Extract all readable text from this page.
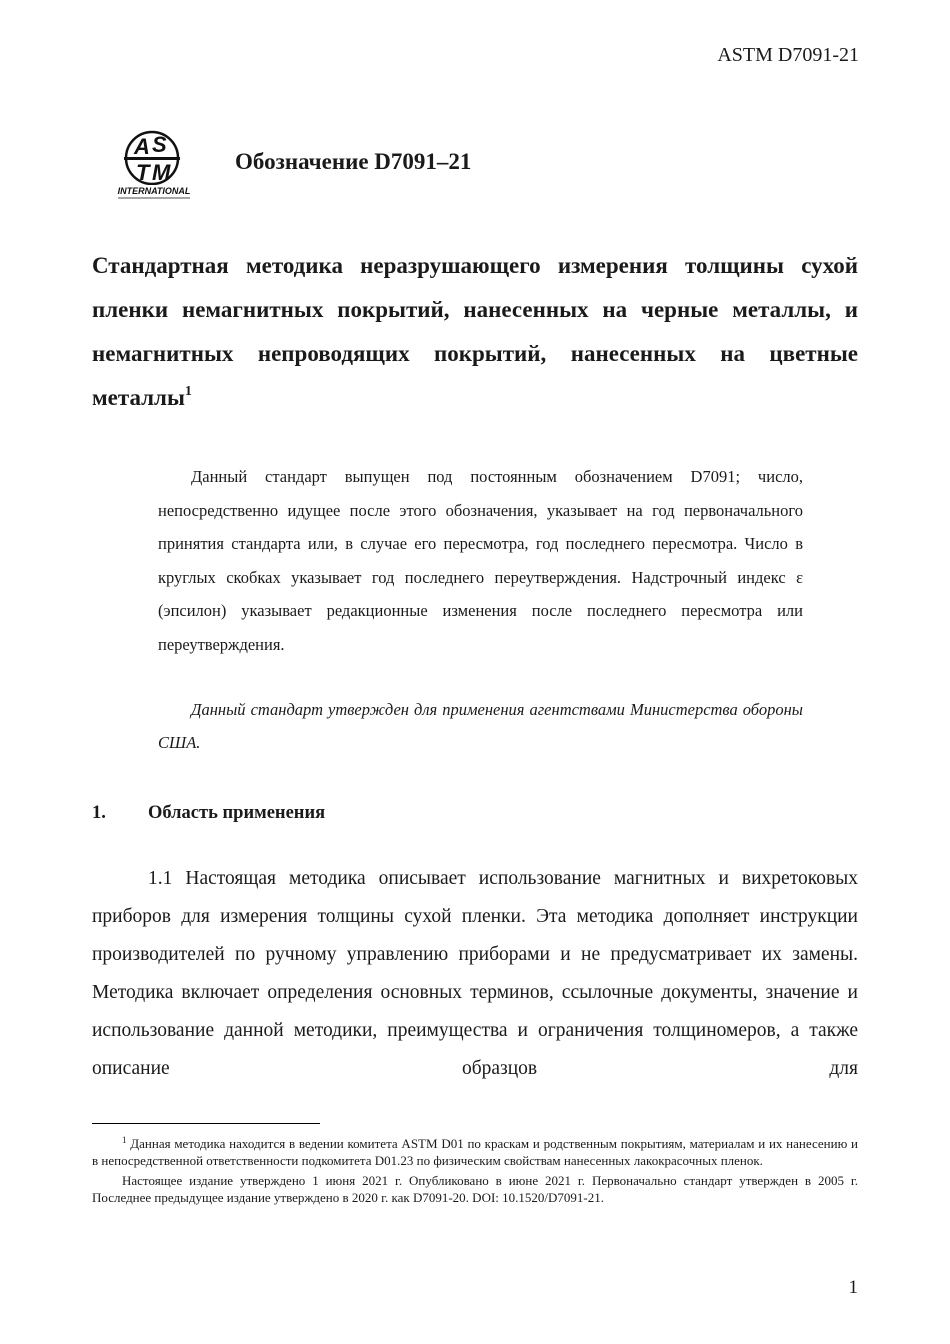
ASTM D7091-21
A S
T M
INTERNATIONAL
Обозначение D7091–21
Стандартная методика неразрушающего измерения толщины сухой пленки немагнитных покрытий, нанесенных на черные металлы, и немагнитных непроводящих покрытий, нанесенных на цветные металлы$^1$
Данный стандарт выпущен под постоянным обозначением D7091; число, непосредственно идущее после этого обозначения, указывает на год первоначального принятия стандарта или, в случае его пересмотра, год последнего пересмотра. Число в круглых скобках указывает год последнего переутверждения. Надстрочный индекс ε (эпсилон) указывает редакционные изменения после последнего пересмотра или переутверждения.
Данный стандарт утвержден для применения агентствами Министерства обороны США.
1. Область применения
1.1 Настоящая методика описывает использование магнитных и вихретоковых приборов для измерения толщины сухой пленки. Эта методика дополняет инструкции производителей по ручному управлению приборами и не предусматривает их замены. Методика включает определения основных терминов, ссылочные документы, значение и использование данной методики, преимущества и ограничения толщиномеров, а также описание образцов для

$^1$ Данная методика находится в ведении комитета ASTM D01 по краскам и родственным покрытиям, материалам и их нанесению и в непосредственной ответственности подкомитета D01.23 по физическим свойствам нанесенных лакокрасочных пленок.

Настоящее издание утверждено 1 июня 2021 г. Опубликовано в июне 2021 г. Первоначально стандарт утвержден в 2005 г. Последнее предыдущее издание утверждено в 2020 г. как D7091-20. DOI: 10.1520/D7091-21.

1
